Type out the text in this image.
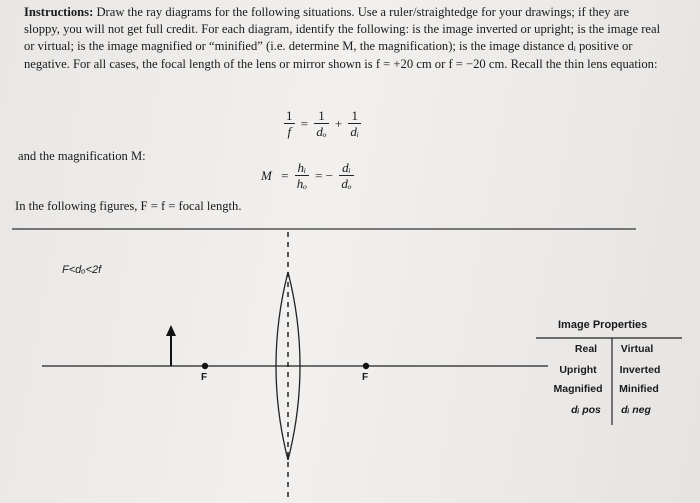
Instructions: Draw the ray diagrams for the following situations. Use a ruler/straightedge for your drawings; if they are sloppy, you will not get full credit. For each diagram, identify the following: is the image inverted or upright; is the image real or virtual; is the image magnified or “minified” (i.e. determine M, the magnification); is the image distance dᵢ positive or negative. For all cases, the focal length of the lens or mirror shown is f = +20 cm or f = −20 cm. Recall the thin lens equation:
$\frac{1}{f} = \frac{1}{\text{dₒ}} + \frac{1}{\text{dᵢ}}$
and the magnification M:
$M = \frac{\text{hᵢ}}{\text{hₒ}}$ = − $\frac{\text{dᵢ}}{\text{dₒ}}$
In the following figures, F = f = focal length.
F<dₒ<2f
F	F
Image Properties
Real	Virtual
Upright	Inverted
Magnified	Minified
dᵢ pos	dᵢ neg
